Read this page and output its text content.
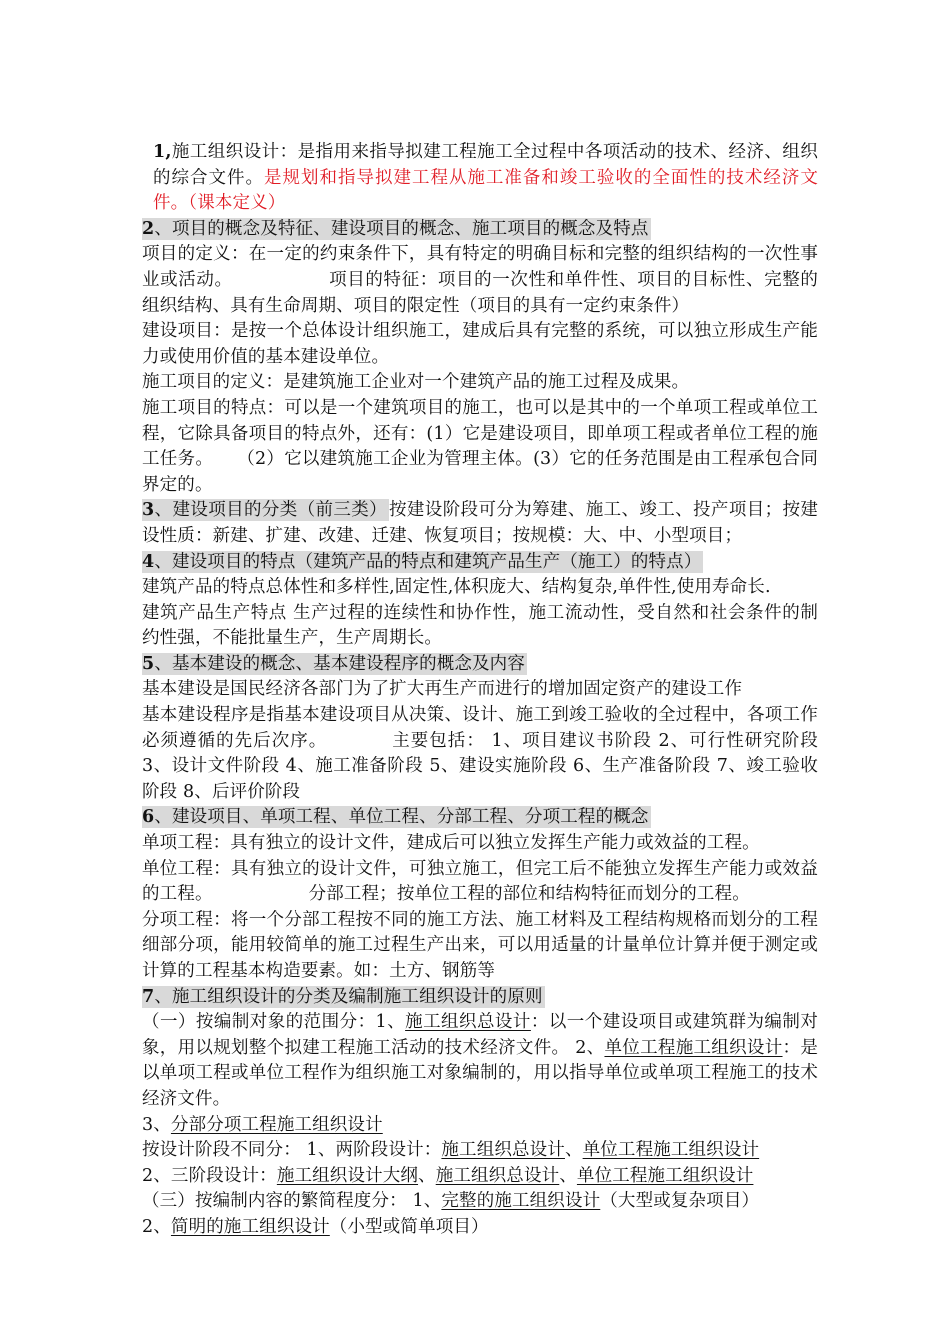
1,施工组织设计：是指用来指导拟建工程施工全过程中各项活动的技术、经济、组织的综合文件。是规划和指导拟建工程从施工准备和竣工验收的全面性的技术经济文件。（课本定义）

2、项目的概念及特征、建设项目的概念、施工项目的概念及特点

项目的定义：在一定的约束条件下，具有特定的明确目标和完整的组织结构的一次性事业或活动。	项目的特征：项目的一次性和单件性、项目的目标性、完整的组织结构、具有生命周期、项目的限定性（项目的具有一定约束条件）

建设项目：是按一个总体设计组织施工，建成后具有完整的系统，可以独立形成生产能力或使用价值的基本建设单位。

施工项目的定义：是建筑施工企业对一个建筑产品的施工过程及成果。

施工项目的特点：可以是一个建筑项目的施工，也可以是其中的一个单项工程或单位工程，它除具备项目的特点外，还有：(1）它是建设项目，即单项工程或者单位工程的施工任务。 （2）它以建筑施工企业为管理主体。(3）它的任务范围是由工程承包合同界定的。

3、建设项目的分类（前三类） 按建设阶段可分为筹建、施工、竣工、投产项目；按建设性质：新建、扩建、改建、迁建、恢复项目；按规模：大、中、小型项目；

4、建设项目的特点（建筑产品的特点和建筑产品生产（施工）的特点）

建筑产品的特点总体性和多样性,固定性,体积庞大、结构复杂,单件性,使用寿命长.

建筑产品生产特点 生产过程的连续性和协作性，施工流动性，受自然和社会条件的制约性强，不能批量生产，生产周期长。

5、基本建设的概念、基本建设程序的概念及内容

基本建设是国民经济各部门为了扩大再生产而进行的增加固定资产的建设工作

基本建设程序是指基本建设项目从决策、设计、施工到竣工验收的全过程中，各项工作必须遵循的先后次序。	主要包括： 1、项目建议书阶段 2、可行性研究阶段 3、设计文件阶段 4、施工准备阶段 5、建设实施阶段 6、生产准备阶段 7、竣工验收阶段 8、后评价阶段

6、建设项目、单项工程、单位工程、分部工程、分项工程的概念

单项工程：具有独立的设计文件，建成后可以独立发挥生产能力或效益的工程。

单位工程：具有独立的设计文件，可独立施工，但完工后不能独立发挥生产能力或效益的工程。	分部工程；按单位工程的部位和结构特征而划分的工程。

分项工程：将一个分部工程按不同的施工方法、施工材料及工程结构规格而划分的工程细部分项，能用较简单的施工过程生产出来，可以用适量的计量单位计算并便于测定或计算的工程基本构造要素。如：土方、钢筋等

7、施工组织设计的分类及编制施工组织设计的原则

（一）按编制对象的范围分：1、施工组织总设计：以一个建设项目或建筑群为编制对象，用以规划整个拟建工程施工活动的技术经济文件。 2、单位工程施工组织设计：是以单项工程或单位工程作为组织施工对象编制的，用以指导单位或单项工程施工的技术经济文件。

3、分部分项工程施工组织设计

按设计阶段不同分： 1、两阶段设计：施工组织总设计、单位工程施工组织设计

2、三阶段设计：施工组织设计大纲、施工组织总设计、单位工程施工组织设计

（三）按编制内容的繁简程度分： 1、完整的施工组织设计（大型或复杂项目）

2、简明的施工组织设计（小型或简单项目）
